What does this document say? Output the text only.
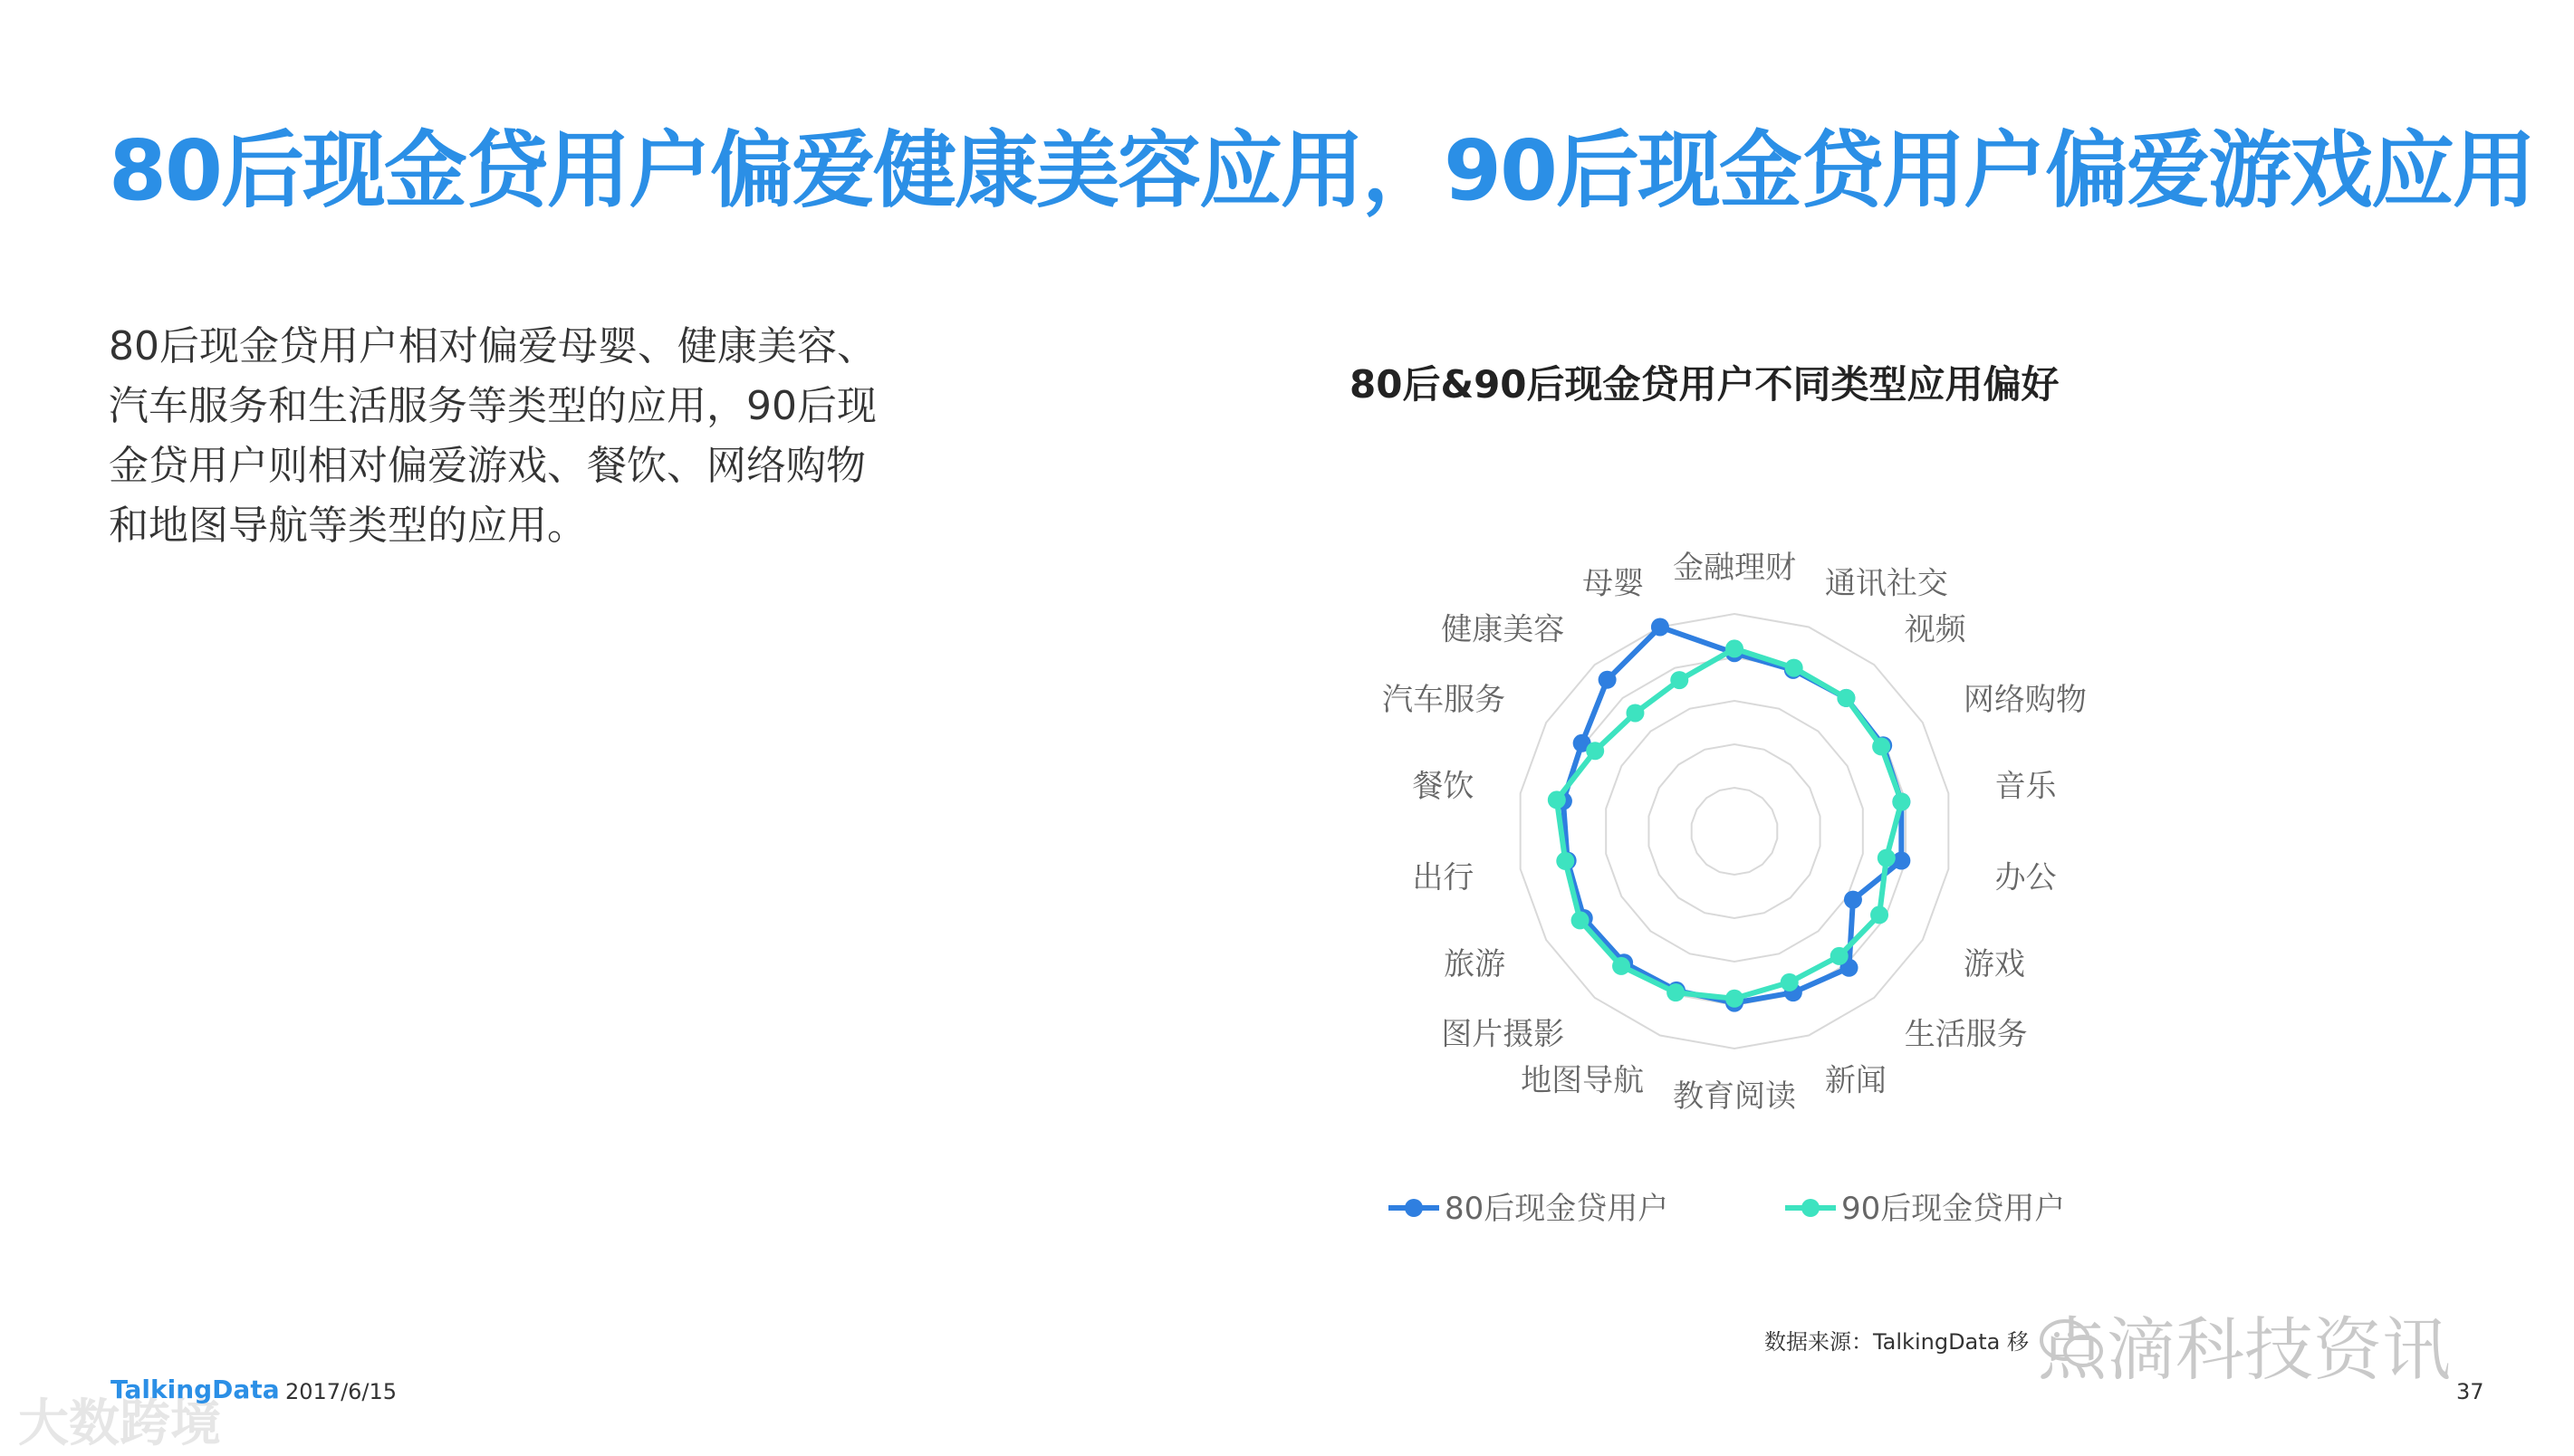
80后现金贷用户偏爱健康美容应用，90后现金贷用户偏爱游戏应用
80后现金贷用户相对偏爱母婴、健康美容、
汽车服务和生活服务等类型的应用，90后现
金贷用户则相对偏爱游戏、餐饮、网络购物
和地图导航等类型的应用。
80后&90后现金贷用户不同类型应用偏好
金融理财 通讯社交
视频
网络购物
音乐
办公
游戏
生活服务
新闻
教育阅读
地图导航
图片摄影
旅游
出行
餐饮
汽车服务
健康美容
母婴
80后现金贷用户	90后现金贷用户
大数跨境
TalkingData 2017/6/15
数据来源：TalkingData 移 点滴科技资讯
37
